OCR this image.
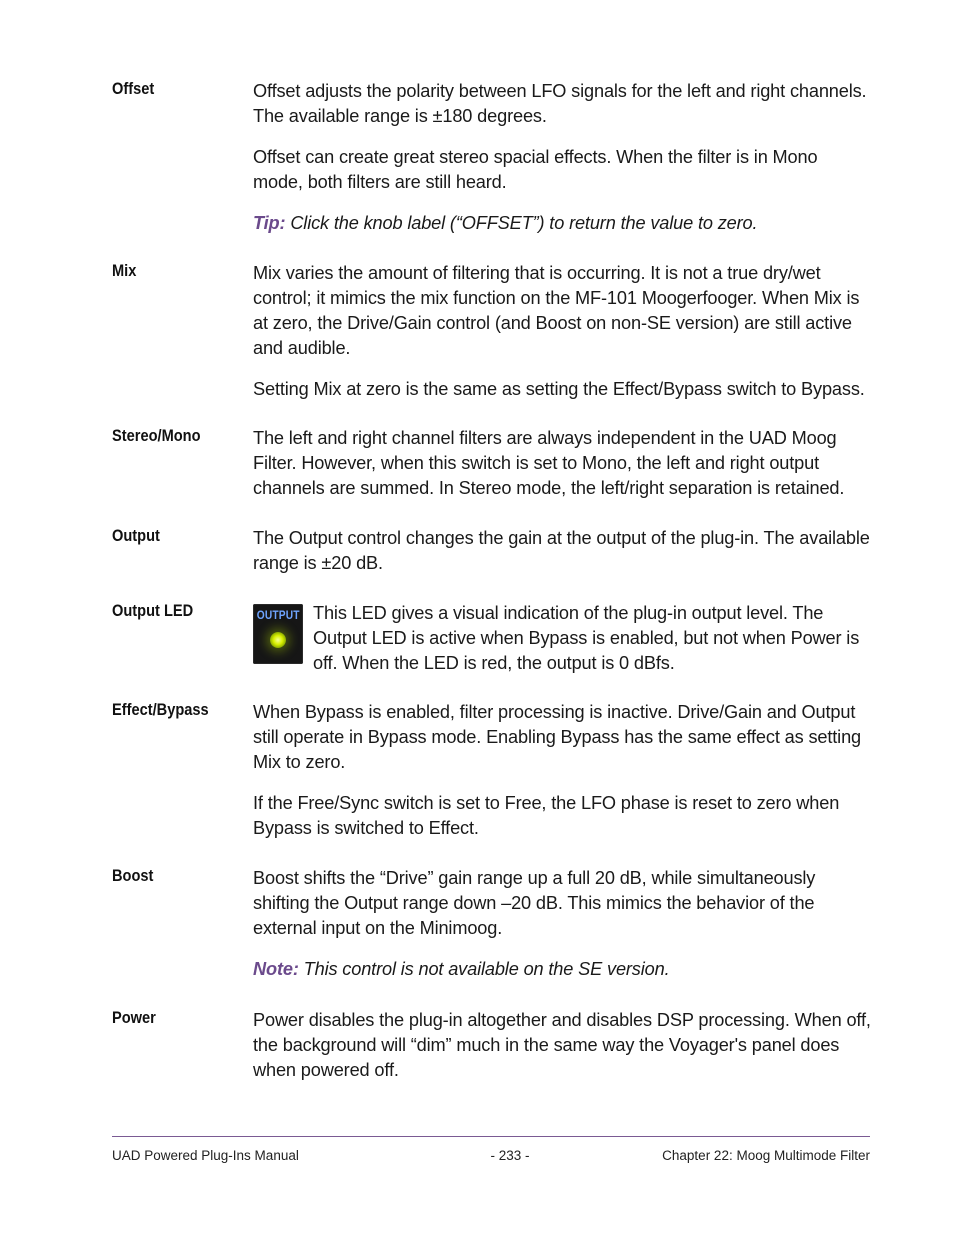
Offset	Offset adjusts the polarity between LFO signals for the left and right channels. The available range is ±180 degrees.

Offset can create great stereo spacial effects. When the filter is in Mono mode, both filters are still heard.

Tip: Click the knob label (“OFFSET”) to return the value to zero.

Mix	Mix varies the amount of filtering that is occurring. It is not a true dry/wet control; it mimics the mix function on the MF-101 Moogerfooger. When Mix is at zero, the Drive/Gain control (and Boost on non-SE version) are still active and audible.

Setting Mix at zero is the same as setting the Effect/Bypass switch to Bypass.

Stereo/Mono	The left and right channel filters are always independent in the UAD Moog Filter. However, when this switch is set to Mono, the left and right output channels are summed. In Stereo mode, the left/right separation is retained.

Output	The Output control changes the gain at the output of the plug-in. The available range is ±20 dB.

Output LED	OUTPUT This LED gives a visual indication of the plug-in output level. The Output LED is active when Bypass is enabled, but not when Power is off. When the LED is red, the output is 0 dBfs.

Effect/Bypass	When Bypass is enabled, filter processing is inactive. Drive/Gain and Output still operate in Bypass mode. Enabling Bypass has the same effect as setting Mix to zero.

If the Free/Sync switch is set to Free, the LFO phase is reset to zero when Bypass is switched to Effect.

Boost	Boost shifts the “Drive” gain range up a full 20 dB, while simultaneously shifting the Output range down –20 dB. This mimics the behavior of the external input on the Minimoog.

Note: This control is not available on the SE version.

Power	Power disables the plug-in altogether and disables DSP processing. When off, the background will “dim” much in the same way the Voyager's panel does when powered off.

UAD Powered Plug-Ins Manual	- 233 -	Chapter 22: Moog Multimode Filter
